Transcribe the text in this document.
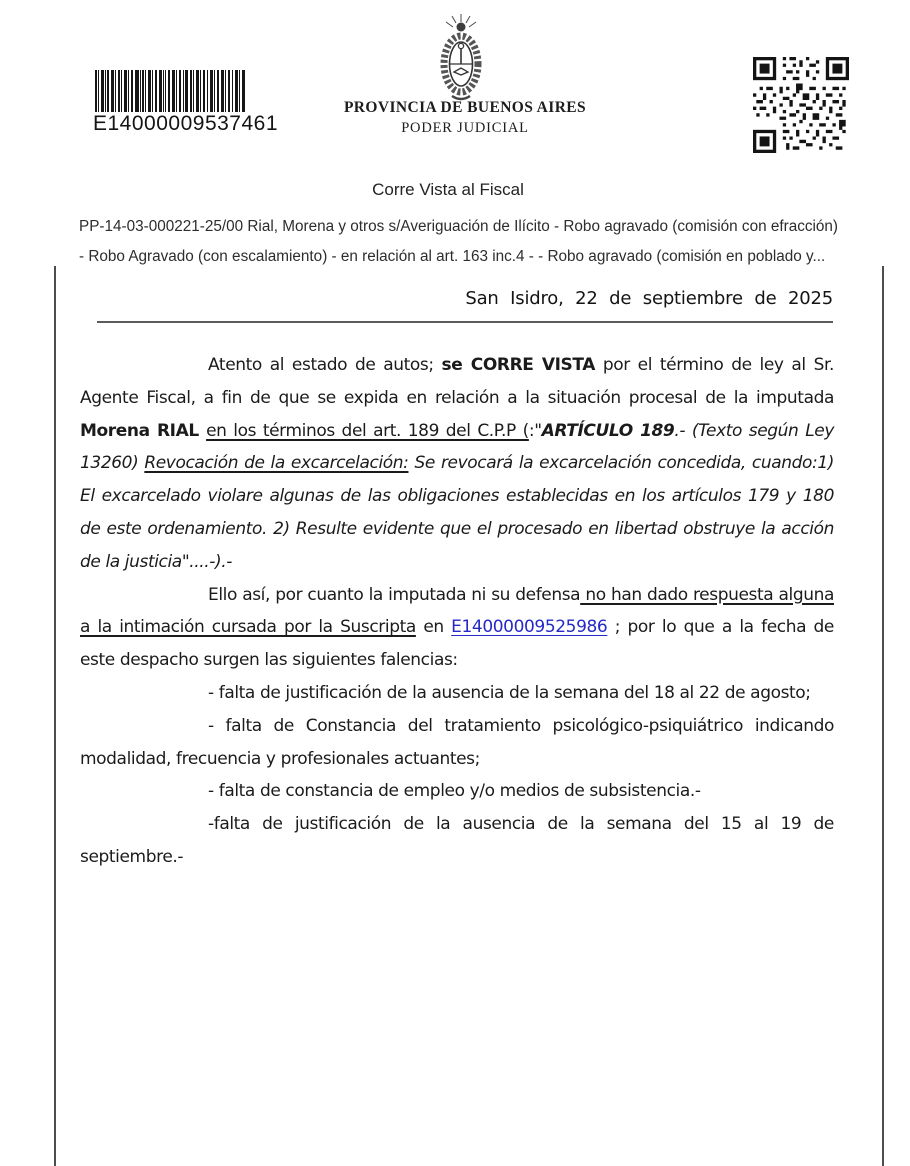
E14000009537461
PROVINCIA DE BUENOS AIRES
PODER JUDICIAL
Corre Vista al Fiscal
PP-14-03-000221-25/00 Rial, Morena y otros s/Averiguación de Ilícito - Robo agravado (comisión con efracción)
- Robo Agravado (con escalamiento) - en relación al art. 163 inc.4 - - Robo agravado (comisión en poblado y...
San Isidro, 22 de septiembre de 2025

Atento al estado de autos; se CORRE VISTA por el término de ley al Sr. Agente Fiscal, a fin de que se expida en relación a la situación procesal de la imputada Morena RIAL en los términos del art. 189 del C.P.P (:"ARTÍCULO 189.- (Texto según Ley 13260) Revocación de la excarcelación: Se revocará la excarcelación concedida, cuando:1) El excarcelado violare algunas de las obligaciones establecidas en los artículos 179 y 180 de este ordenamiento. 2) Resulte evidente que el procesado en libertad obstruye la acción de la justicia"....-).-

Ello así, por cuanto la imputada ni su defensa no han dado respuesta alguna a la intimación cursada por la Suscripta en E14000009525986 ; por lo que a la fecha de este despacho surgen las siguientes falencias:

- falta de justificación de la ausencia de la semana del 18 al 22 de agosto;

- falta de Constancia del tratamiento psicológico-psiquiátrico indicando modalidad, frecuencia y profesionales actuantes;

- falta de constancia de empleo y/o medios de subsistencia.-

-falta de justificación de la ausencia de la semana del 15 al 19 de septiembre.-
